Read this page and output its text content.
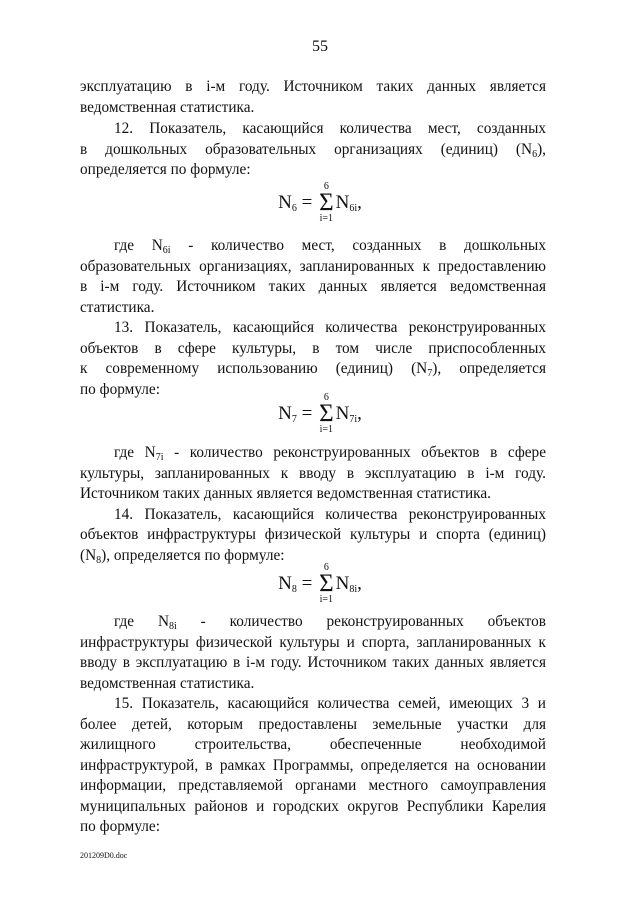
55
эксплуатацию в i-м году. Источником таких данных является
ведомственная статистика.
12. Показатель, касающийся количества мест, созданных
в дошкольных образовательных организациях (единиц) $(N_6)$,
определяется по формуле:
$N_6$ =
6
Σ
i=1
$N_{6i}$,
где $N_{6i}$ - количество мест, созданных в дошкольных
образовательных организациях, запланированных к предоставлению
в i-м году. Источником таких данных является ведомственная
статистика.
13. Показатель, касающийся количества реконструированных
объектов в сфере культуры, в том числе приспособленных
к современному использованию (единиц) $(N_7)$, определяется
по формуле:
$N_7$ =
6
Σ
i=1
$N_{7i}$,
где $N_{7i}$ - количество реконструированных объектов в сфере
культуры, запланированных к вводу в эксплуатацию в i-м году.
Источником таких данных является ведомственная статистика.
14. Показатель, касающийся количества реконструированных
объектов инфраструктуры физической культуры и спорта (единиц)
$(N_8)$, определяется по формуле:
$N_8$ =
6
Σ
i=1
$N_{8i}$,
где $N_{8i}$ - количество реконструированных объектов
инфраструктуры физической культуры и спорта, запланированных к
вводу в эксплуатацию в i-м году. Источником таких данных является
ведомственная статистика.
15. Показатель, касающийся количества семей, имеющих 3 и
более детей, которым предоставлены земельные участки для
жилищного строительства, обеспеченные необходимой
инфраструктурой, в рамках Программы, определяется на основании
информации, представляемой органами местного самоуправления
муниципальных районов и городских округов Республики Карелия
по формуле:
201209D0.doc
